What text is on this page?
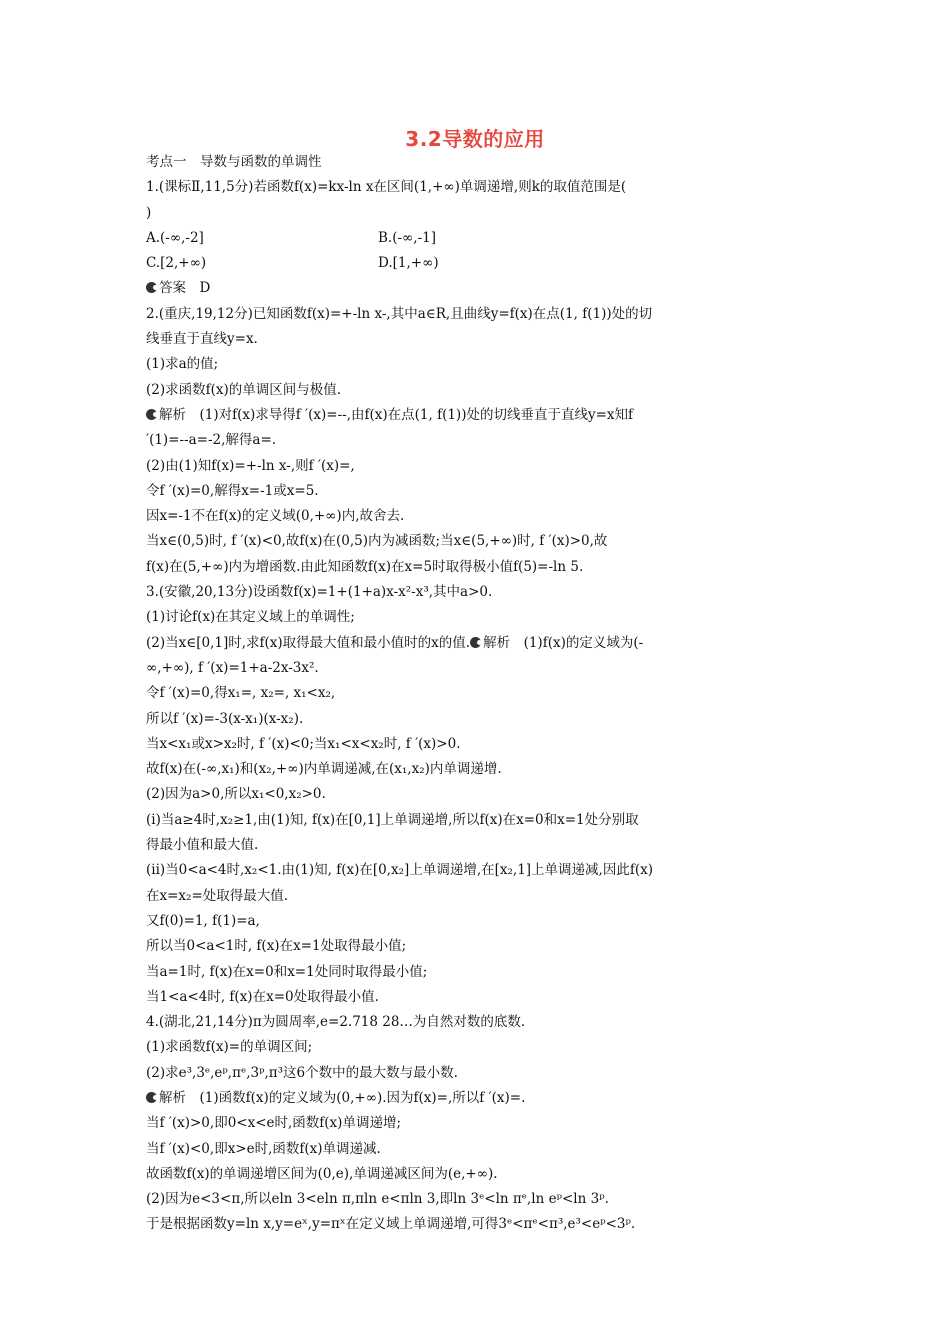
3.2导数的应用
考点一　导数与函数的单调性
1.(课标Ⅱ,11,5分)若函数f(x)=kx-ln x在区间(1,+∞)单调递增,则k的取值范围是(
)
A.(-∞,-2]	B.(-∞,-1]
C.[2,+∞)	D.[1,+∞)
答案　 D
2.(重庆,19,12分)已知函数f(x)=+-ln x-,其中a∈R,且曲线y=f(x)在点(1, f(1))处的切
线垂直于直线y=x.
(1)求a的值;
(2)求函数f(x)的单调区间与极值.
解析　(1)对f(x)求导得f ′(x)=--,由f(x)在点(1, f(1))处的切线垂直于直线y=x知f
′(1)=--a=-2,解得a=.
(2)由(1)知f(x)=+-ln x-,则f ′(x)=,
令f ′(x)=0,解得x=-1或x=5.
因x=-1不在f(x)的定义域(0,+∞)内,故舍去.
当x∈(0,5)时, f ′(x)<0,故f(x)在(0,5)内为减函数;当x∈(5,+∞)时, f ′(x)>0,故
f(x)在(5,+∞)内为增函数.由此知函数f(x)在x=5时取得极小值f(5)=-ln 5.
3.(安徽,20,13分)设函数f(x)=1+(1+a)x-x²-x³,其中a>0.
(1)讨论f(x)在其定义域上的单调性;
(2)当x∈[0,1]时,求f(x)取得最大值和最小值时的x的值. 解析　(1)f(x)的定义域为(-
∞,+∞), f ′(x)=1+a-2x-3x².
令f ′(x)=0,得x₁=, x₂=, x₁<x₂,
所以f ′(x)=-3(x-x₁)(x-x₂).
当x<x₁或x>x₂时, f ′(x)<0;当x₁<x<x₂时, f ′(x)>0.
故f(x)在(-∞,x₁)和(x₂,+∞)内单调递减,在(x₁,x₂)内单调递增.
(2)因为a>0,所以x₁<0,x₂>0.
(i)当a≥4时,x₂≥1,由(1)知, f(x)在[0,1]上单调递增,所以f(x)在x=0和x=1处分别取
得最小值和最大值.
(ii)当0<a<4时,x₂<1.由(1)知, f(x)在[0,x₂]上单调递增,在[x₂,1]上单调递减,因此f(x)
在x=x₂=处取得最大值.
又f(0)=1, f(1)=a,
所以当0<a<1时, f(x)在x=1处取得最小值;
当a=1时, f(x)在x=0和x=1处同时取得最小值;
当1<a<4时, f(x)在x=0处取得最小值.
4.(湖北,21,14分)π为圆周率,e=2.718 28…为自然对数的底数.
(1)求函数f(x)=的单调区间;
(2)求e³,3ᵉ,eᵖ,πᵉ,3ᵖ,π³这6个数中的最大数与最小数.
解析　(1)函数f(x)的定义域为(0,+∞).因为f(x)=,所以f ′(x)=.
当f ′(x)>0,即0<x<e时,函数f(x)单调递增;
当f ′(x)<0,即x>e时,函数f(x)单调递减.
故函数f(x)的单调递增区间为(0,e),单调递减区间为(e,+∞).
(2)因为e<3<π,所以eln 3<eln π,πln e<πln 3,即ln 3ᵉ<ln πᵉ,ln eᵖ<ln 3ᵖ.
于是根据函数y=ln x,y=eˣ,y=πˣ在定义域上单调递增,可得3ᵉ<πᵉ<π³,e³<eᵖ<3ᵖ.
